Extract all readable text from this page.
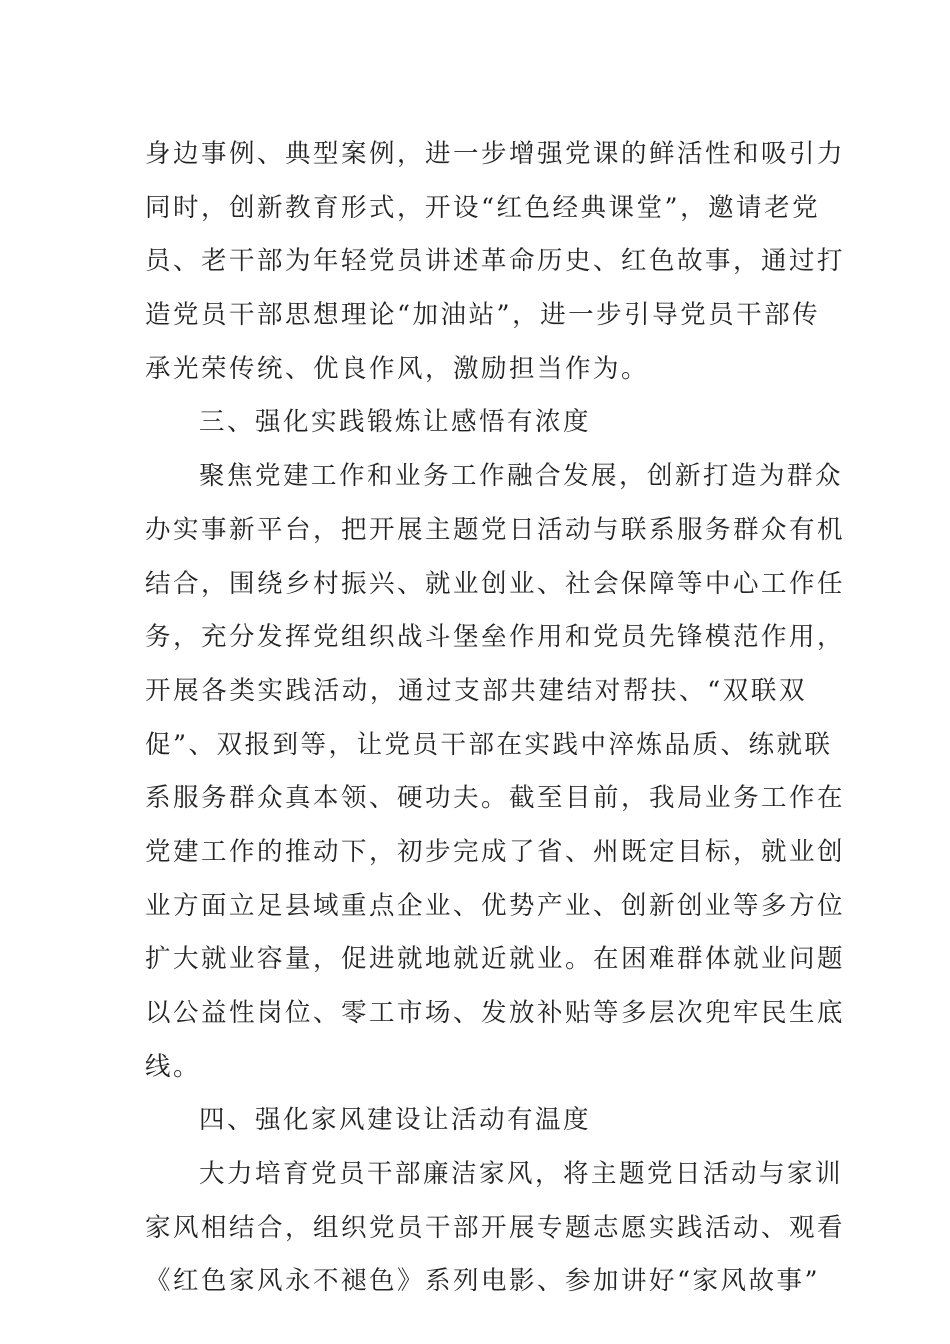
身边事例、典型案例，进一步增强党课的鲜活性和吸引力
同时，创新教育形式，开设“红色经典课堂”，邀请老党
员、老干部为年轻党员讲述革命历史、红色故事，通过打
造党员干部思想理论“加油站”，进一步引导党员干部传
承光荣传统、优良作风，激励担当作为。
三、强化实践锻炼让感悟有浓度
聚焦党建工作和业务工作融合发展，创新打造为群众
办实事新平台，把开展主题党日活动与联系服务群众有机
结合，围绕乡村振兴、就业创业、社会保障等中心工作任
务，充分发挥党组织战斗堡垒作用和党员先锋模范作用，
开展各类实践活动，通过支部共建结对帮扶、“双联双
促”、双报到等，让党员干部在实践中淬炼品质、练就联
系服务群众真本领、硬功夫。截至目前，我局业务工作在
党建工作的推动下，初步完成了省、州既定目标，就业创
业方面立足县域重点企业、优势产业、创新创业等多方位
扩大就业容量，促进就地就近就业。在困难群体就业问题
以公益性岗位、零工市场、发放补贴等多层次兜牢民生底
线。
四、强化家风建设让活动有温度
大力培育党员干部廉洁家风，将主题党日活动与家训
家风相结合，组织党员干部开展专题志愿实践活动、观看
《红色家风永不褪色》系列电影、参加讲好“家风故事”
